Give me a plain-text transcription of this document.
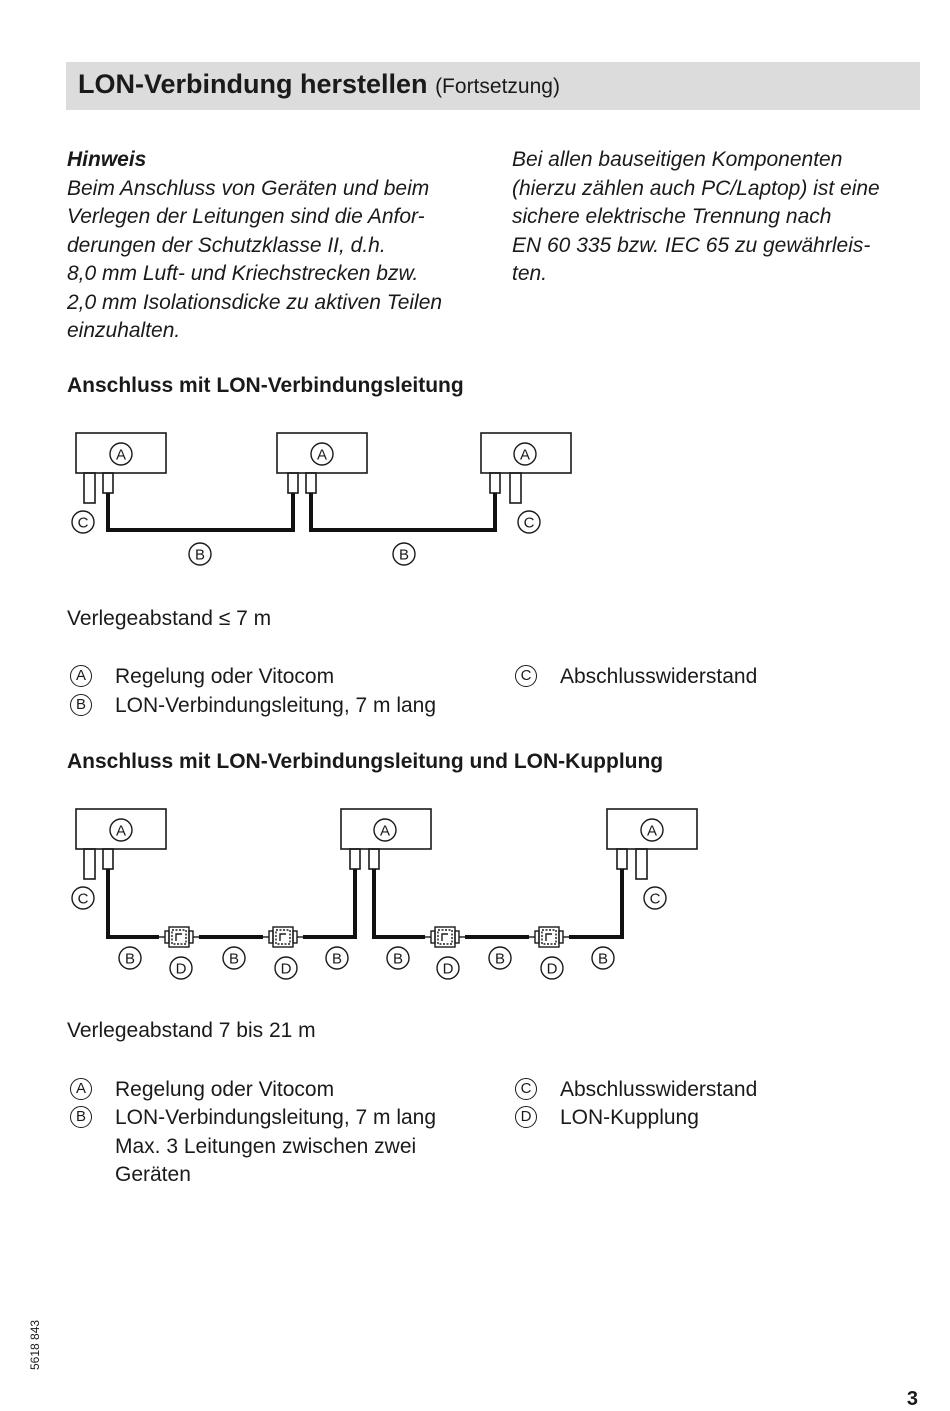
LON-Verbindung herstellen (Fortsetzung)
Hinweis
Beim Anschluss von Geräten und beim
Verlegen der Leitungen sind die Anfor-
derungen der Schutzklasse II, d.h.
8,0 mm Luft- und Kriechstrecken bzw.
2,0 mm Isolationsdicke zu aktiven Teilen
einzuhalten.
Bei allen bauseitigen Komponenten
(hierzu zählen auch PC/Laptop) ist eine
sichere elektrische Trennung nach
EN 60 335 bzw. IEC 65 zu gewährleis-
ten.
Anschluss mit LON-Verbindungsleitung
A	A	A
C	C
B	B
Verlegeabstand ≤ 7 m
A Regelung oder Vitocom
B LON-Verbindungsleitung, 7 m lang
C Abschlusswiderstand
Anschluss mit LON-Verbindungsleitung und LON-Kupplung
A	A	A
C	C
B	B	B	B	B	B
D	D	D	D
Verlegeabstand 7 bis 21 m
A Regelung oder Vitocom
B LON-Verbindungsleitung, 7 m lang
Max. 3 Leitungen zwischen zwei
Geräten
C Abschlusswiderstand
D LON-Kupplung
5618 843
3
